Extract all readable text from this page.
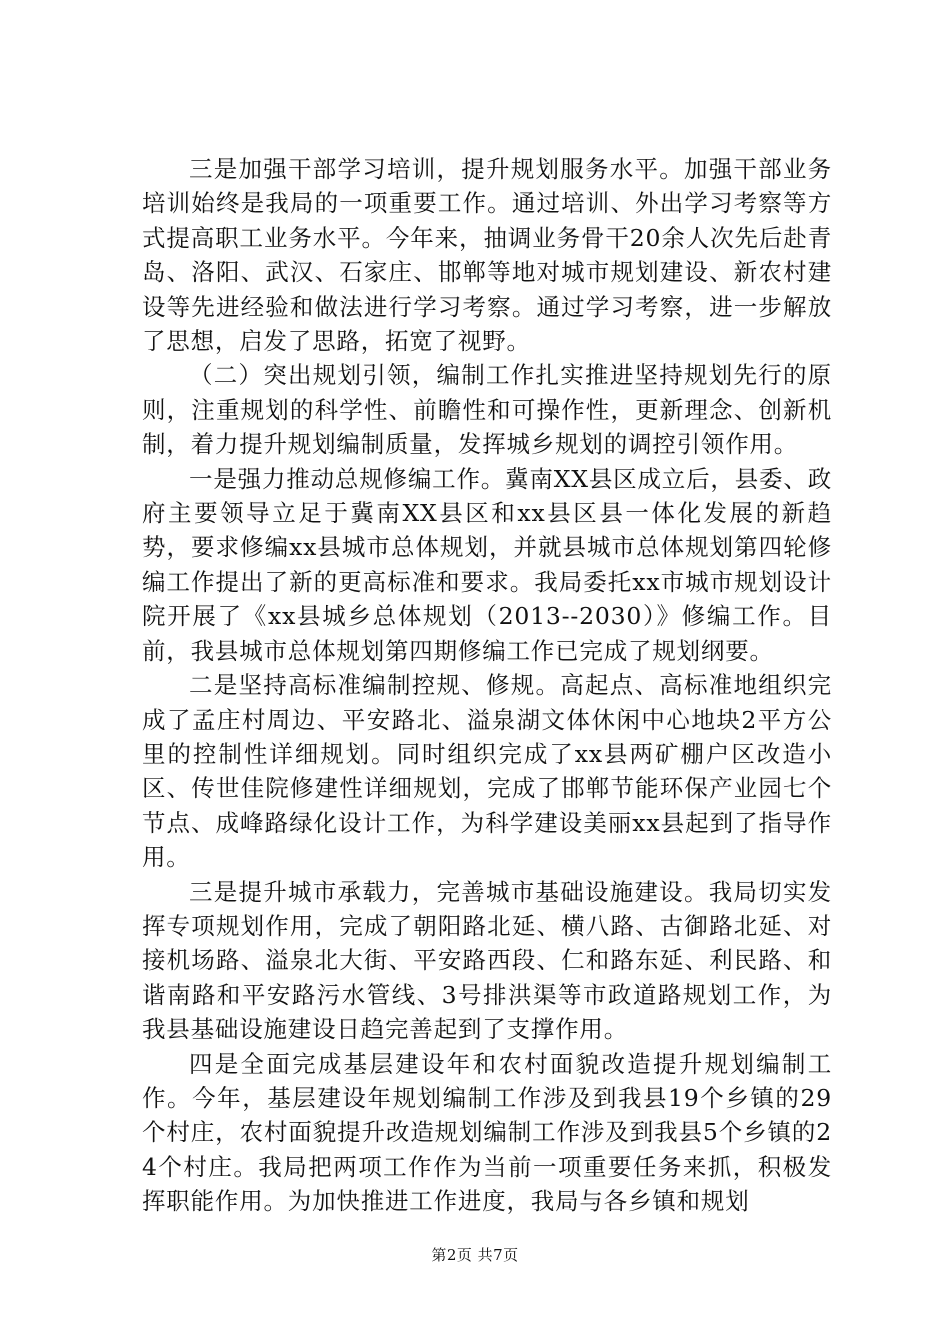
三是加强干部学习培训，提升规划服务水平。加强干部业务培训始终是我局的一项重要工作。通过培训、外出学习考察等方式提高职工业务水平。今年来，抽调业务骨干20余人次先后赴青岛、洛阳、武汉、石家庄、邯郸等地对城市规划建设、新农村建设等先进经验和做法进行学习考察。通过学习考察，进一步解放了思想，启发了思路，拓宽了视野。

（二）突出规划引领，编制工作扎实推进坚持规划先行的原则，注重规划的科学性、前瞻性和可操作性，更新理念、创新机制，着力提升规划编制质量，发挥城乡规划的调控引领作用。

一是强力推动总规修编工作。冀南XX县区成立后，县委、政府主要领导立足于冀南XX县区和xx县区县一体化发展的新趋势，要求修编xx县城市总体规划，并就县城市总体规划第四轮修编工作提出了新的更高标准和要求。我局委托xx市城市规划设计院开展了《xx县城乡总体规划（2013--2030）》修编工作。目前，我县城市总体规划第四期修编工作已完成了规划纲要。

二是坚持高标准编制控规、修规。高起点、高标准地组织完成了孟庄村周边、平安路北、溢泉湖文体休闲中心地块2平方公里的控制性详细规划。同时组织完成了xx县两矿棚户区改造小区、传世佳院修建性详细规划，完成了邯郸节能环保产业园七个节点、成峰路绿化设计工作，为科学建设美丽xx县起到了指导作用。

三是提升城市承载力，完善城市基础设施建设。我局切实发挥专项规划作用，完成了朝阳路北延、横八路、古御路北延、对接机场路、溢泉北大街、平安路西段、仁和路东延、利民路、和谐南路和平安路污水管线、3号排洪渠等市政道路规划工作，为我县基础设施建设日趋完善起到了支撑作用。

四是全面完成基层建设年和农村面貌改造提升规划编制工作。今年，基层建设年规划编制工作涉及到我县19个乡镇的29个村庄，农村面貌提升改造规划编制工作涉及到我县5个乡镇的24个村庄。我局把两项工作作为当前一项重要任务来抓，积极发挥职能作用。为加快推进工作进度，我局与各乡镇和规划

第2页 共7页
